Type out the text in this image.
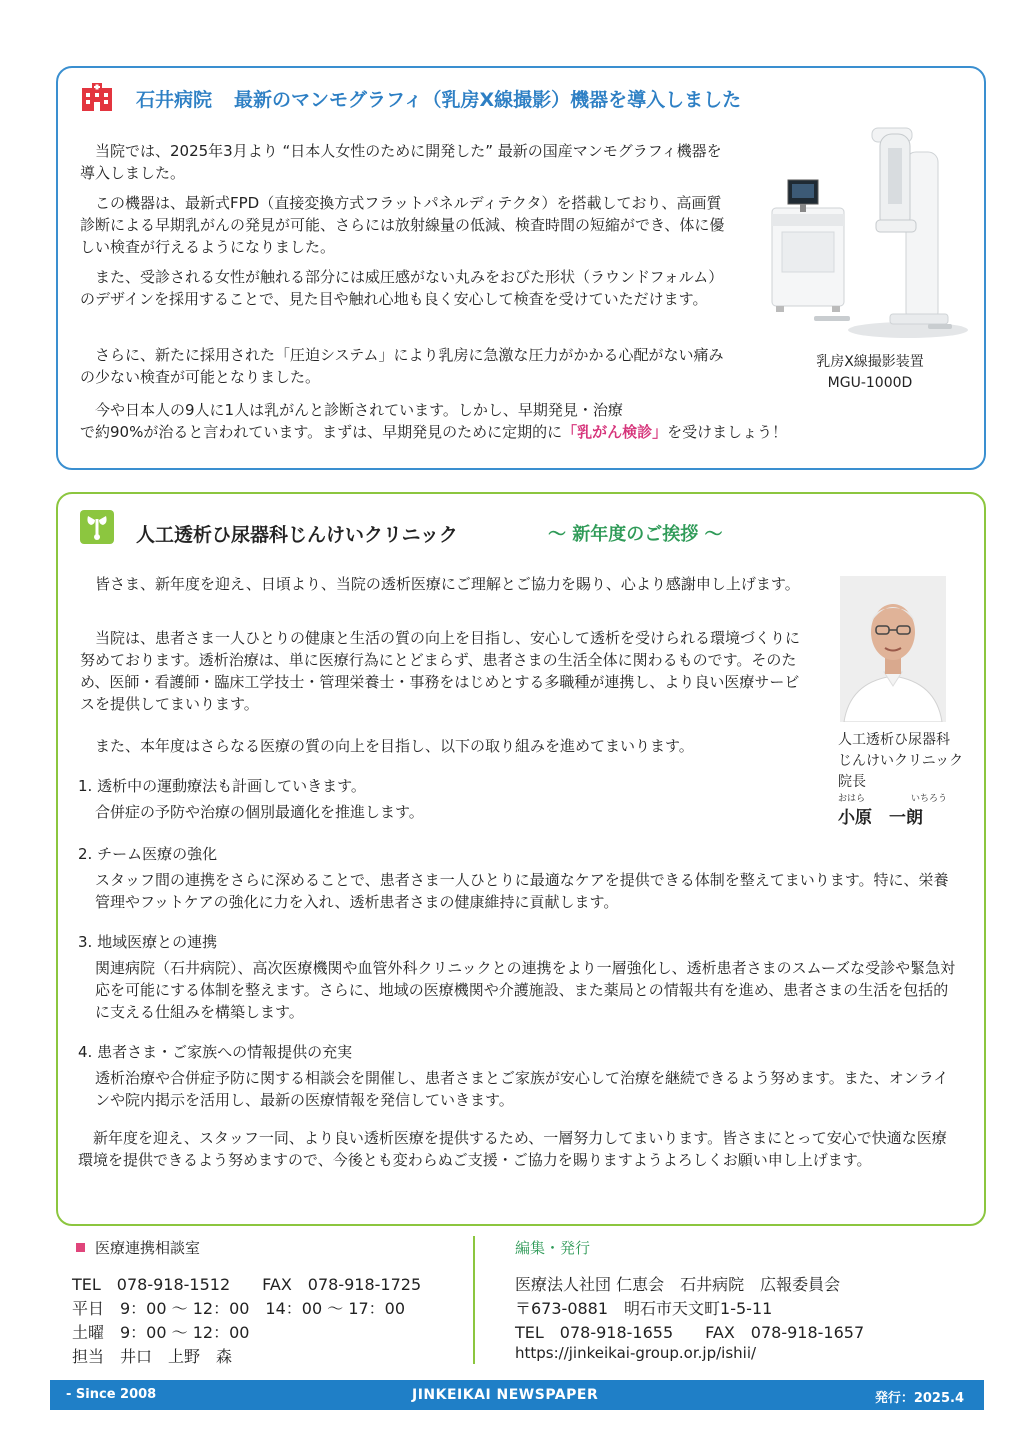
石井病院 最新のマンモグラフィ（乳房X線撮影）機器を導入しました

当院では、2025年3月より “日本人女性のために開発した” 最新の国産マンモグラフィ機器を導入しました。

この機器は、最新式FPD（直接変換方式フラットパネルディテクタ）を搭載しており、高画質診断による早期乳がんの発見が可能、さらには放射線量の低減、検査時間の短縮ができ、体に優しい検査が行えるようになりました。

また、受診される女性が触れる部分には威圧感がない丸みをおびた形状（ラウンドフォルム）のデザインを採用することで、見た目や触れ心地も良く安心して検査を受けていただけます。

さらに、新たに採用された「圧迫システム」により乳房に急激な圧力がかかる心配がない痛みの少ない検査が可能となりました。

今や日本人の9人に1人は乳がんと診断されています。しかし、早期発見・治療
で約90%が治ると言われています。まずは、早期発見のために定期的に「乳がん検診」を受けましょう！
乳房X線撮影装置
MGU-1000D
人工透析ひ尿器科じんけいクリニック	～ 新年度のご挨拶 ～

皆さま、新年度を迎え、日頃より、当院の透析医療にご理解とご協力を賜り、心より感謝申し上げます。

当院は、患者さま一人ひとりの健康と生活の質の向上を目指し、安心して透析を受けられる環境づくりに努めております。透析治療は、単に医療行為にとどまらず、患者さまの生活全体に関わるものです。そのため、医師・看護師・臨床工学技士・管理栄養士・事務をはじめとする多職種が連携し、より良い医療サービスを提供してまいります。

また、本年度はさらなる医療の質の向上を目指し、以下の取り組みを進めてまいります。	人工透析ひ尿器科
じんけいクリニック
院長
おはら	いちろう
小原　一朗
1. 透析中の運動療法も計画していきます。

合併症の予防や治療の個別最適化を推進します。

2. チーム医療の強化

スタッフ間の連携をさらに深めることで、患者さま一人ひとりに最適なケアを提供できる体制を整えてまいります。特に、栄養管理やフットケアの強化に力を入れ、透析患者さまの健康維持に貢献します。

3. 地域医療との連携

関連病院（石井病院）、高次医療機関や血管外科クリニックとの連携をより一層強化し、透析患者さまのスムーズな受診や緊急対応を可能にする体制を整えます。さらに、地域の医療機関や介護施設、また薬局との情報共有を進め、患者さまの生活を包括的に支える仕組みを構築します。

4. 患者さま・ご家族への情報提供の充実

透析治療や合併症予防に関する相談会を開催し、患者さまとご家族が安心して治療を継続できるよう努めます。また、オンラインや院内掲示を活用し、最新の医療情報を発信していきます。

新年度を迎え、スタッフ一同、より良い透析医療を提供するため、一層努力してまいります。皆さまにとって安心で快適な医療環境を提供できるよう努めますので、今後とも変わらぬご支援・ご協力を賜りますようよろしくお願い申し上げます。

医療連携相談室
TEL　078-918-1512　　FAX　078-918-1725
平日　9：00 ～ 12：00　14：00 ～ 17：00
土曜　9：00 ～ 12：00
担当　井口　上野　森
編集・発行
医療法人社団 仁恵会　石井病院　広報委員会
〒673-0881　明石市天文町1-5-11
TEL　078-918-1655　　FAX　078-918-1657
https://jinkeikai-group.or.jp/ishii/
- Since 2008	JINKEIKAI NEWSPAPER	発行：2025.4
